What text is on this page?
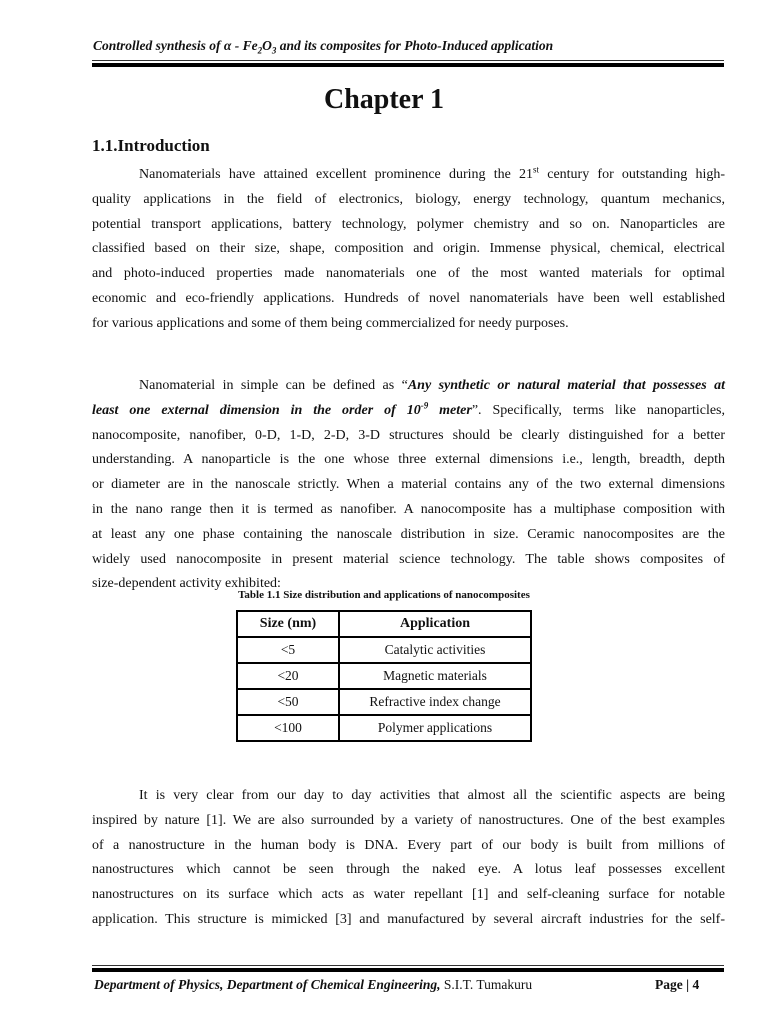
Controlled synthesis of α - $Fe_2O_3$ and its composites for Photo-Induced application
Chapter 1
1.1.Introduction
Nanomaterials have attained excellent prominence during the 21st century for outstanding high-
quality applications in the field of electronics, biology, energy technology, quantum mechanics,
potential transport applications, battery technology, polymer chemistry and so on. Nanoparticles are
classified based on their size, shape, composition and origin. Immense physical, chemical, electrical
and photo-induced properties made nanomaterials one of the most wanted materials for optimal
economic and eco-friendly applications. Hundreds of novel nanomaterials have been well established
for various applications and some of them being commercialized for needy purposes.
Nanomaterial in simple can be defined as “Any synthetic or natural material that possesses at
least one external dimension in the order of $10^{-9}$ meter”. Specifically, terms like nanoparticles,
nanocomposite, nanofiber, 0-D, 1-D, 2-D, 3-D structures should be clearly distinguished for a better
understanding. A nanoparticle is the one whose three external dimensions i.e., length, breadth, depth
or diameter are in the nanoscale strictly. When a material contains any of the two external dimensions
in the nano range then it is termed as nanofiber. A nanocomposite has a multiphase composition with
at least any one phase containing the nanoscale distribution in size. Ceramic nanocomposites are the
widely used nanocomposite in present material science technology. The table shows composites of
size-dependent activity exhibited:
Table 1.1 Size distribution and applications of nanocomposites
Size (nm)	Application
<5	Catalytic activities
<20	Magnetic materials
<50	Refractive index change
<100	Polymer applications
It is very clear from our day to day activities that almost all the scientific aspects are being
inspired by nature [1]. We are also surrounded by a variety of nanostructures. One of the best examples
of a nanostructure in the human body is DNA. Every part of our body is built from millions of
nanostructures which cannot be seen through the naked eye. A lotus leaf possesses excellent
nanostructures on its surface which acts as water repellant [1] and self-cleaning surface for notable
application. This structure is mimicked [3] and manufactured by several aircraft industries for the self-
Department of Physics, Department of Chemical Engineering, S.I.T. Tumakuru	Page | 4
